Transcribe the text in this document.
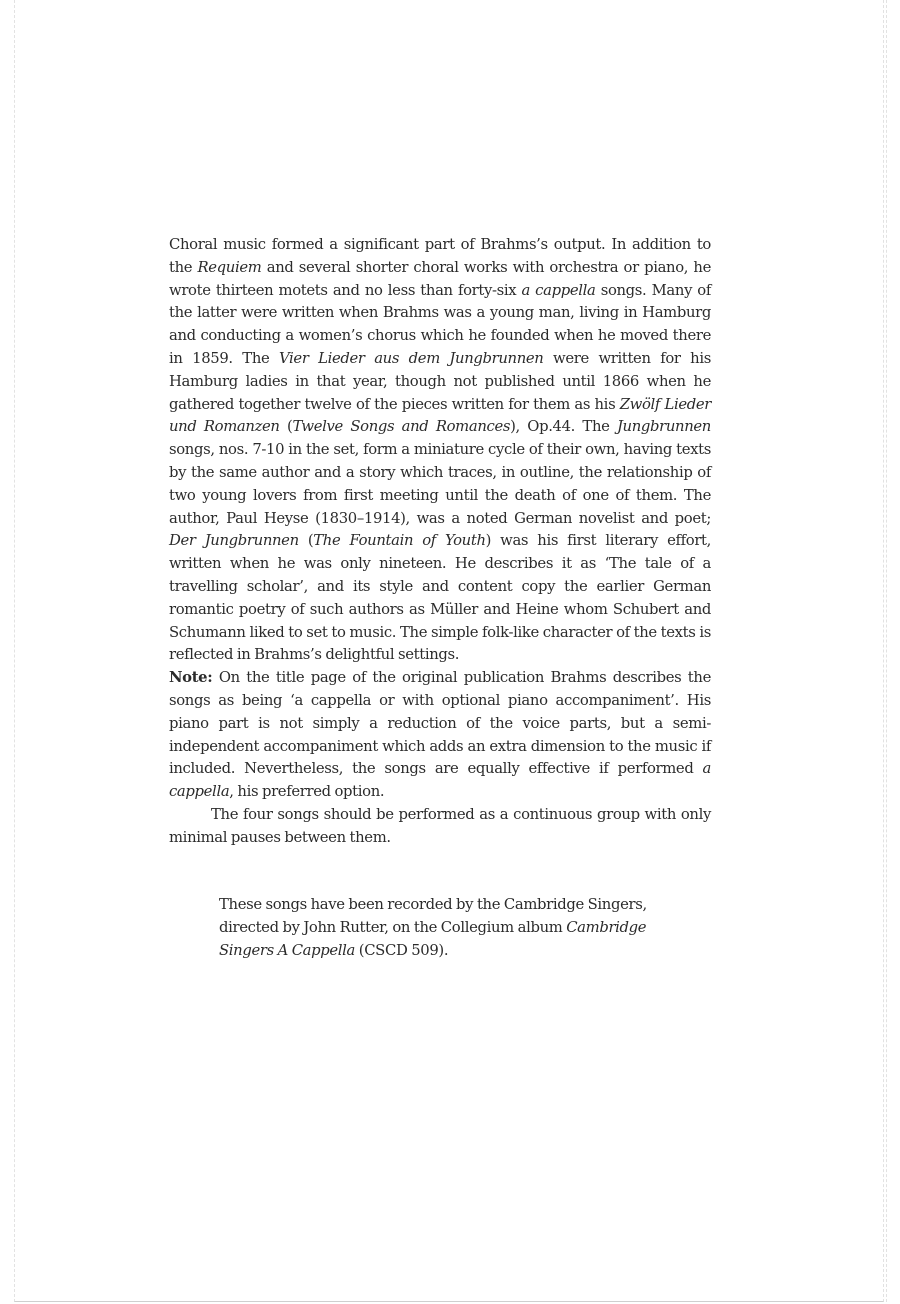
Choral music formed a significant part of Brahms’s output. In addition to the Requiem and several shorter choral works with orchestra or piano, he wrote thirteen motets and no less than forty-six a cappella songs. Many of the latter were written when Brahms was a young man, living in Hamburg and conducting a women’s chorus which he founded when he moved there in 1859. The Vier Lieder aus dem Jungbrunnen were written for his Hamburg ladies in that year, though not published until 1866 when he gathered together twelve of the pieces written for them as his Zwölf Lieder und Romanzen (Twelve Songs and Romances), Op.44. The Jungbrunnen songs, nos. 7-10 in the set, form a miniature cycle of their own, having texts by the same author and a story which traces, in outline, the relationship of two young lovers from first meeting until the death of one of them. The author, Paul Heyse (1830–1914), was a noted German novelist and poet; Der Jungbrunnen (The Fountain of Youth) was his first literary effort, written when he was only nineteen. He describes it as ‘The tale of a travelling scholar’, and its style and content copy the earlier German romantic poetry of such authors as Müller and Heine whom Schubert and Schumann liked to set to music. The simple folk-like character of the texts is reflected in Brahms’s delightful settings.

Note: On the title page of the original publication Brahms describes the songs as being ‘a cappella or with optional piano accompaniment’. His piano part is not simply a reduction of the voice parts, but a semi-independent accompaniment which adds an extra dimension to the music if included. Nevertheless, the songs are equally effective if performed a cappella, his preferred option.

The four songs should be performed as a continuous group with only minimal pauses between them.

These songs have been recorded by the Cambridge Singers, directed by John Rutter, on the Collegium album Cambridge Singers A Cappella (CSCD 509).
